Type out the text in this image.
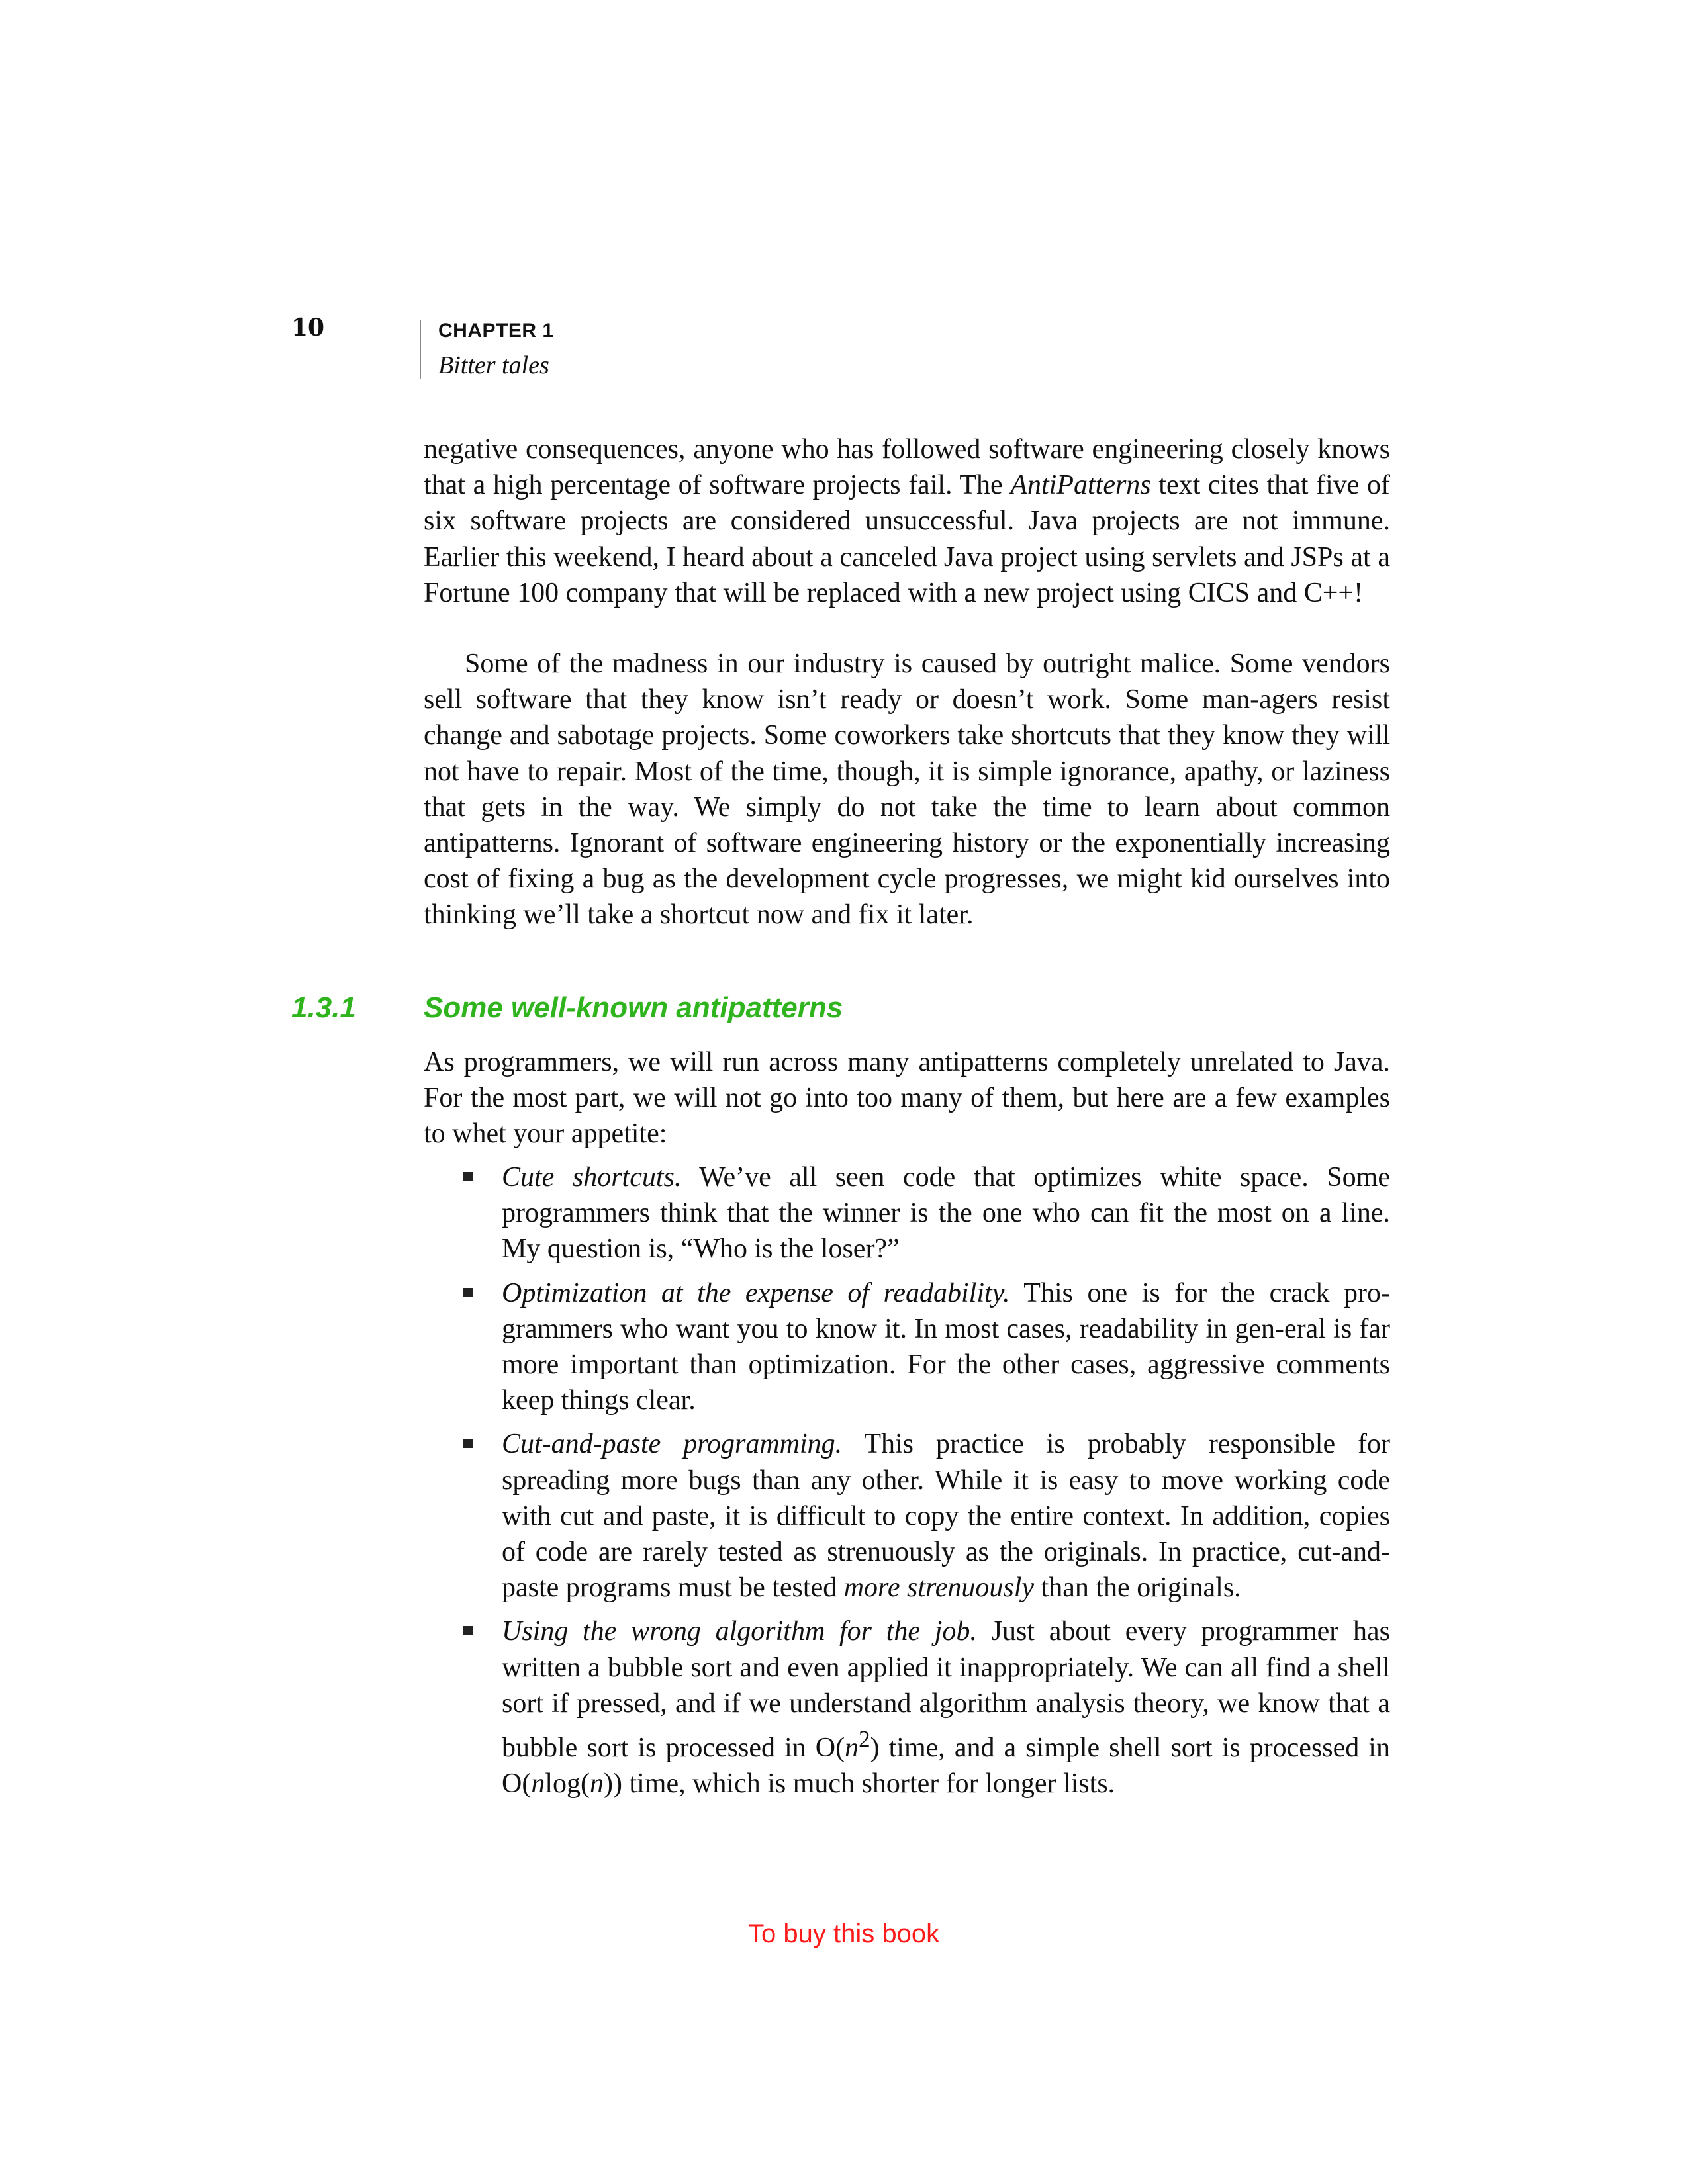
10	CHAPTER 1
Bitter tales

negative consequences, anyone who has followed software engineering closely knows that a high percentage of software projects fail. The AntiPatterns text cites that five of six software projects are considered unsuccessful. Java projects are not immune. Earlier this weekend, I heard about a canceled Java project using servlets and JSPs at a Fortune 100 company that will be replaced with a new project using CICS and C++!

Some of the madness in our industry is caused by outright malice. Some vendors sell software that they know isn’t ready or doesn’t work. Some man-agers resist change and sabotage projects. Some coworkers take shortcuts that they know they will not have to repair. Most of the time, though, it is simple ignorance, apathy, or laziness that gets in the way. We simply do not take the time to learn about common antipatterns. Ignorant of software engineering history or the exponentially increasing cost of fixing a bug as the development cycle progresses, we might kid ourselves into thinking we’ll take a shortcut now and fix it later.

1.3.1 Some well-known antipatterns

As programmers, we will run across many antipatterns completely unrelated to Java. For the most part, we will not go into too many of them, but here are a few examples to whet your appetite:

Cute shortcuts. We’ve all seen code that optimizes white space. Some programmers think that the winner is the one who can fit the most on a line. My question is, “Who is the loser?”
Optimization at the expense of readability. This one is for the crack pro-grammers who want you to know it. In most cases, readability in gen-eral is far more important than optimization. For the other cases, aggressive comments keep things clear.
Cut-and-paste programming. This practice is probably responsible for spreading more bugs than any other. While it is easy to move working code with cut and paste, it is difficult to copy the entire context. In addition, copies of code are rarely tested as strenuously as the originals. In practice, cut-and-paste programs must be tested more strenuously than the originals.
Using the wrong algorithm for the job. Just about every programmer has written a bubble sort and even applied it inappropriately. We can all find a shell sort if pressed, and if we understand algorithm analysis theory, we know that a bubble sort is processed in $O(n^2)$ time, and a simple shell sort is processed in O(nlog(n)) time, which is much shorter for longer lists.
To buy this book
